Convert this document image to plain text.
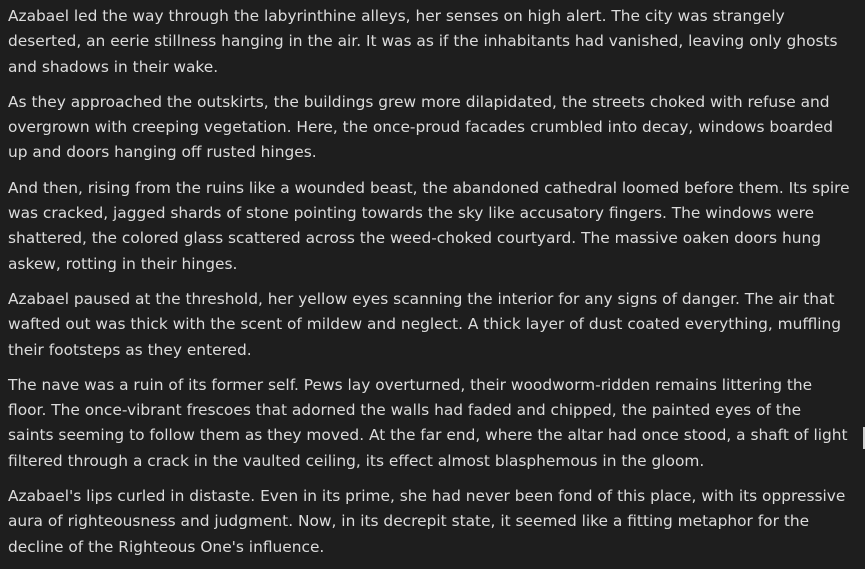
Azabael led the way through the labyrinthine alleys, her senses on high alert. The city was strangely deserted, an eerie stillness hanging in the air. It was as if the inhabitants had vanished, leaving only ghosts and shadows in their wake.

As they approached the outskirts, the buildings grew more dilapidated, the streets choked with refuse and overgrown with creeping vegetation. Here, the once-proud facades crumbled into decay, windows boarded up and doors hanging off rusted hinges.

And then, rising from the ruins like a wounded beast, the abandoned cathedral loomed before them. Its spire was cracked, jagged shards of stone pointing towards the sky like accusatory fingers. The windows were shattered, the colored glass scattered across the weed-choked courtyard. The massive oaken doors hung askew, rotting in their hinges.

Azabael paused at the threshold, her yellow eyes scanning the interior for any signs of danger. The air that wafted out was thick with the scent of mildew and neglect. A thick layer of dust coated everything, muffling their footsteps as they entered.

The nave was a ruin of its former self. Pews lay overturned, their woodworm-ridden remains littering the floor. The once-vibrant frescoes that adorned the walls had faded and chipped, the painted eyes of the saints seeming to follow them as they moved. At the far end, where the altar had once stood, a shaft of light filtered through a crack in the vaulted ceiling, its effect almost blasphemous in the gloom.

Azabael's lips curled in distaste. Even in its prime, she had never been fond of this place, with its oppressive aura of righteousness and judgment. Now, in its decrepit state, it seemed like a fitting metaphor for the decline of the Righteous One's influence.
